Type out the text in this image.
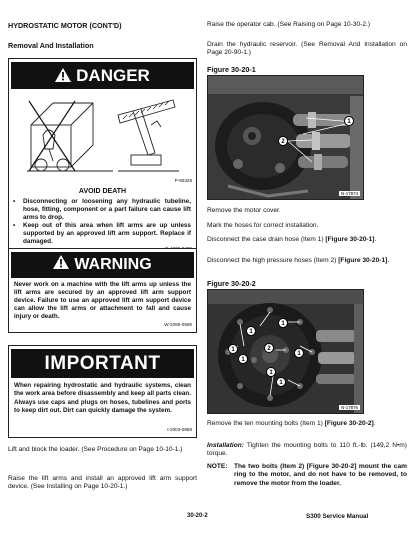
HYDROSTATIC MOTOR (CONT'D)
Removal And Installation
DANGER
P-90328
AVOID DEATH
• Disconnecting or loosening any hydraulic tubeline, hose, fitting, component or a part failure can cause lift arms to drop.
• Keep out of this area when lift arms are up unless supported by an approved lift arm support. Replace if damaged.
WARNING
Never work on a machine with the lift arms up unless the lift arms are secured by an approved lift arm support device. Failure to use an approved lift arm support device can allow the lift arms or attachment to fall and cause injury or death.
W-2059-0598
IMPORTANT
When repairing hydrostatic and hydraulic systems, clean the work area before disassembly and keep all parts clean. Always use caps and plugs on hoses, tubelines and ports to keep dirt out. Dirt can quickly damage the system.
I-2003-0888

Lift and block the loader. (See Procedure on Page 10-10-1.)

Raise the lift arms and install an approved lift arm support device. (See Installing on Page 10-20-1.)

Raise the operator cab. (See Raising on Page 10-30-2.)

Drain the hydraulic reservoir. (See Removal And Installation on Page 20-90-1.)

Figure 30-20-1
1
2
N-17874

Remove the motor cover.

Mark the hoses for correct installation.

Disconnect the case drain hose (Item 1) [Figure 30-20-1].

Disconnect the high pressure hoses (Item 2) [Figure 30-20-1].

Figure 30-20-2
1
1
1
1
2
1
1
1
N-17876

Remove the ten mounting bolts (Item 1) [Figure 30-20-2].

Installation: Tighten the mounting bolts to 110 ft.-lb. (149,2 N•m) torque.

NOTE: The two bolts (Item 2) [Figure 30-20-2] mount the cam ring to the motor, and do not have to be removed, to remove the motor from the loader.
30-20-2	S300 Service Manual
